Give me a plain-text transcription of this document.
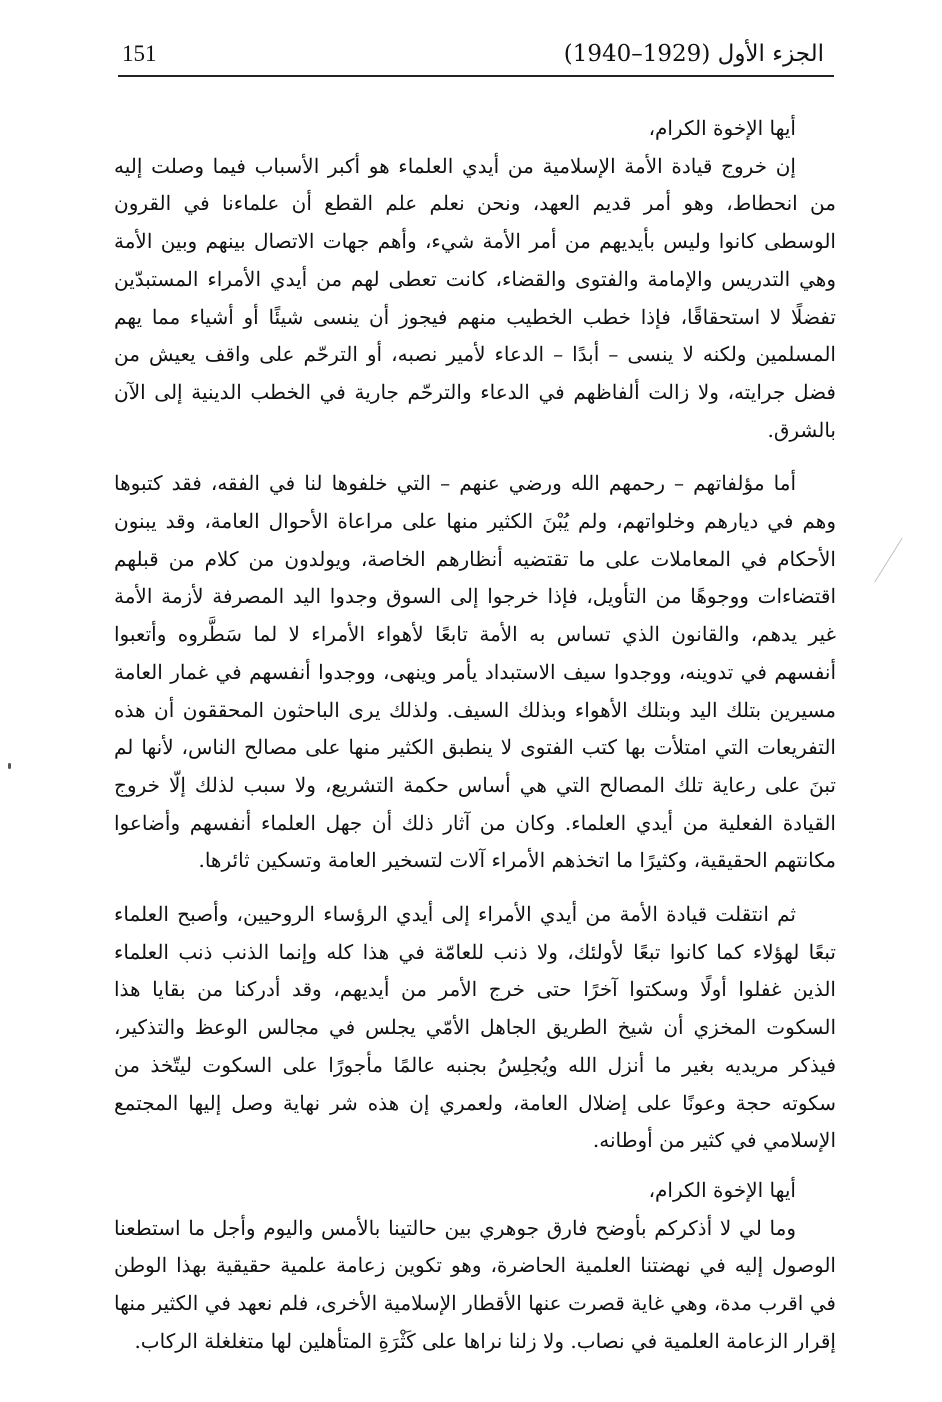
الجزء الأول (1929–1940)
151

أيها الإخوة الكرام،

إن خروج قيادة الأمة الإسلامية من أيدي العلماء هو أكبر الأسباب فيما وصلت إليه من انحطاط، وهو أمر قديم العهد، ونحن نعلم علم القطع أن علماءنا في القرون الوسطى كانوا وليس بأيديهم من أمر الأمة شيء، وأهم جهات الاتصال بينهم وبين الأمة وهي التدريس والإمامة والفتوى والقضاء، كانت تعطى لهم من أيدي الأمراء المستبدّين تفضلًا لا استحقاقًا، فإذا خطب الخطيب منهم فيجوز أن ينسى شيئًا أو أشياء مما يهم المسلمين ولكنه لا ينسى – أبدًا – الدعاء لأمير نصبه، أو الترحّم على واقف يعيش من فضل جرايته، ولا زالت ألفاظهم في الدعاء والترحّم جارية في الخطب الدينية إلى الآن بالشرق.

أما مؤلفاتهم – رحمهم الله ورضي عنهم – التي خلفوها لنا في الفقه، فقد كتبوها وهم في ديارهم وخلواتهم، ولم يُبْنَ الكثير منها على مراعاة الأحوال العامة، وقد يبنون الأحكام في المعاملات على ما تقتضيه أنظارهم الخاصة، ويولدون من كلام من قبلهم اقتضاءات ووجوهًا من التأويل، فإذا خرجوا إلى السوق وجدوا اليد المصرفة لأزمة الأمة غير يدهم، والقانون الذي تساس به الأمة تابعًا لأهواء الأمراء لا لما سَطَّروه وأتعبوا أنفسهم في تدوينه، ووجدوا سيف الاستبداد يأمر وينهى، ووجدوا أنفسهم في غمار العامة مسيرين بتلك اليد وبتلك الأهواء وبذلك السيف. ولذلك يرى الباحثون المحققون أن هذه التفريعات التي امتلأت بها كتب الفتوى لا ينطبق الكثير منها على مصالح الناس، لأنها لم تبنَ على رعاية تلك المصالح التي هي أساس حكمة التشريع، ولا سبب لذلك إلّا خروج القيادة الفعلية من أيدي العلماء. وكان من آثار ذلك أن جهل العلماء أنفسهم وأضاعوا مكانتهم الحقيقية، وكثيرًا ما اتخذهم الأمراء آلات لتسخير العامة وتسكين ثائرها.

ثم انتقلت قيادة الأمة من أيدي الأمراء إلى أيدي الرؤساء الروحيين، وأصبح العلماء تبعًا لهؤلاء كما كانوا تبعًا لأولئك، ولا ذنب للعامّة في هذا كله وإنما الذنب ذنب العلماء الذين غفلوا أولًا وسكتوا آخرًا حتى خرج الأمر من أيديهم، وقد أدركنا من بقايا هذا السكوت المخزي أن شيخ الطريق الجاهل الأمّي يجلس في مجالس الوعظ والتذكير، فيذكر مريديه بغير ما أنزل الله ويُجلِسُ بجنبه عالمًا مأجورًا على السكوت ليتّخذ من سكوته حجة وعونًا على إضلال العامة، ولعمري إن هذه شر نهاية وصل إليها المجتمع الإسلامي في كثير من أوطانه.

أيها الإخوة الكرام،

وما لي لا أذكركم بأوضح فارق جوهري بين حالتينا بالأمس واليوم وأجل ما استطعنا الوصول إليه في نهضتنا العلمية الحاضرة، وهو تكوين زعامة علمية حقيقية بهذا الوطن في اقرب مدة، وهي غاية قصرت عنها الأقطار الإسلامية الأخرى، فلم نعهد في الكثير منها إقرار الزعامة العلمية في نصاب. ولا زلنا نراها على كَثْرَةِ المتأهلين لها متغلغلة الركاب.
